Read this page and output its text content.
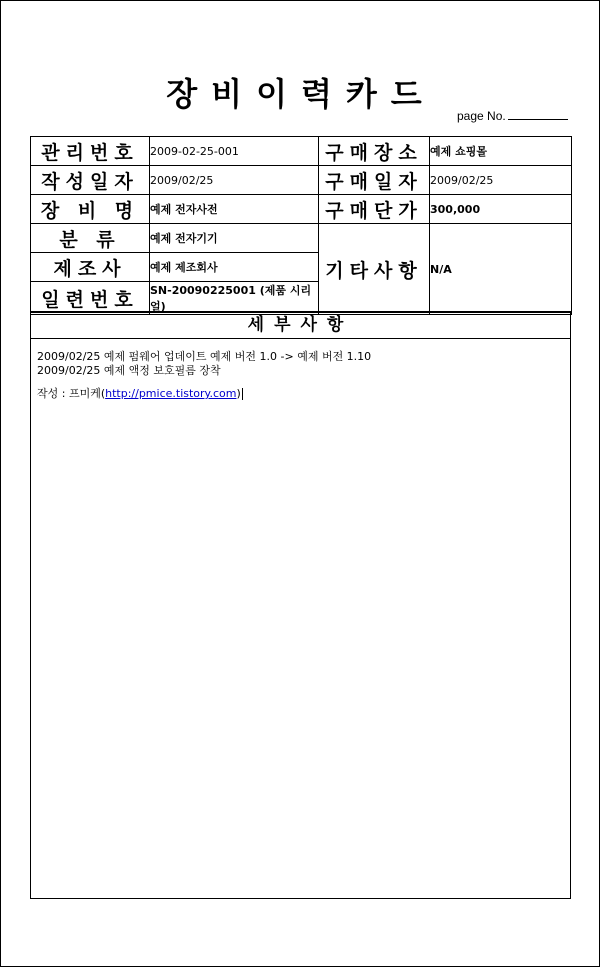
장비이력카드
page No.
관리번호	2009-02-25-001	구매장소	예제 쇼핑몰
작성일자	2009/02/25	구매일자	2009/02/25
장 비 명	예제 전자사전	구매단가	300,000
분 류	예제 전자기기	기타사항	N/A
제조사	예제 제조회사		
일련번호	SN-20090225001 (제품 시리얼)		
세부사항
2009/02/25 예제 펌웨어 업데이트 예제 버전 1.0 -> 예제 버전 1.10
2009/02/25 예제 액정 보호필름 장착
작성 : 프미케(http://pmice.tistory.com)
